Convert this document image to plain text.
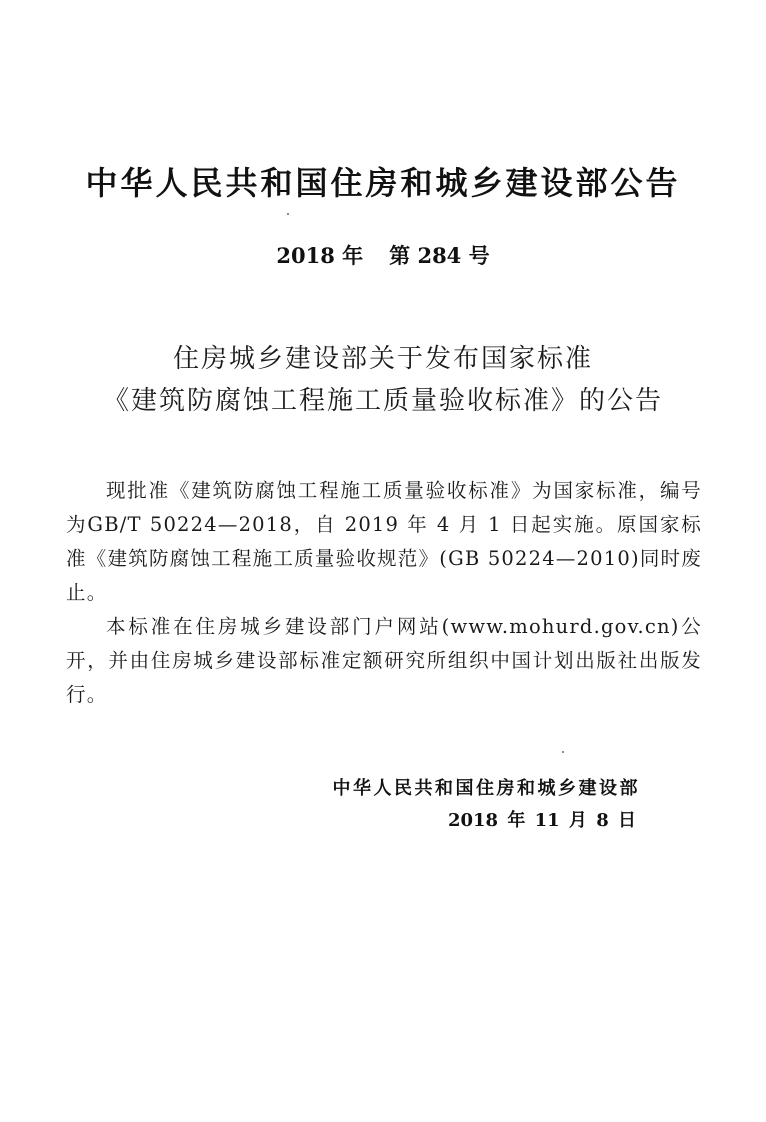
中华人民共和国住房和城乡建设部公告
2018 年 第 284 号
住房城乡建设部关于发布国家标准
《建筑防腐蚀工程施工质量验收标准》的公告

现批准《建筑防腐蚀工程施工质量验收标准》为国家标准，编号为GB/T 50224—2018，自 2019 年 4 月 1 日起实施。原国家标准《建筑防腐蚀工程施工质量验收规范》(GB 50224—2010)同时废止。

本标准在住房城乡建设部门户网站(www.mohurd.gov.cn)公开，并由住房城乡建设部标准定额研究所组织中国计划出版社出版发行。

中华人民共和国住房和城乡建设部
2018 年 11 月 8 日
